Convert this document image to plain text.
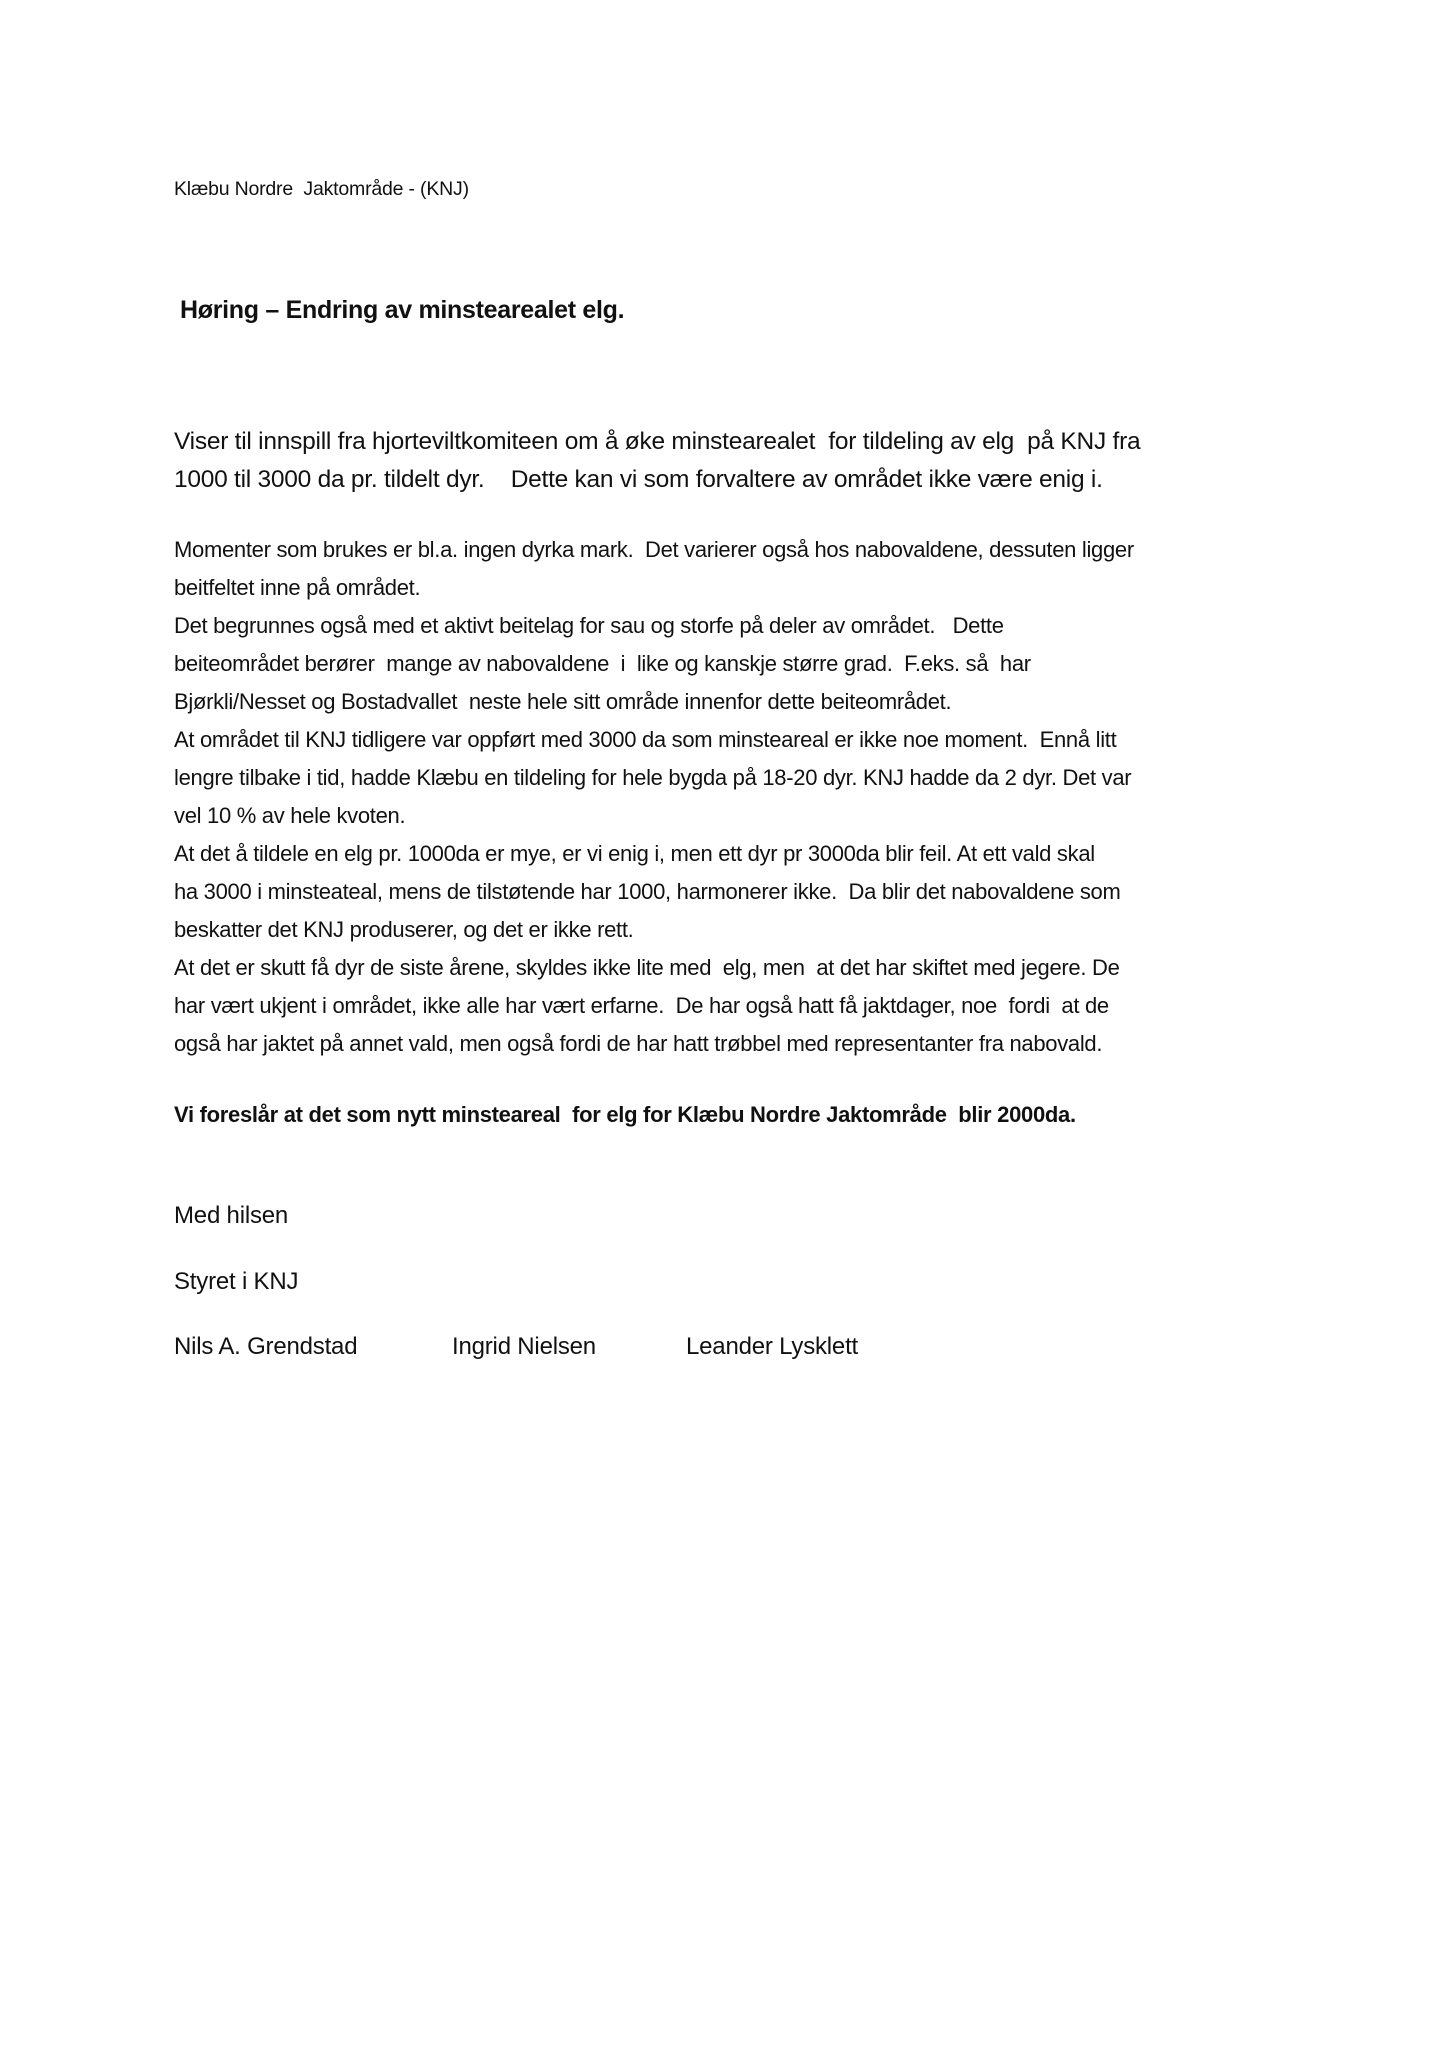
Klæbu Nordre  Jaktområde - (KNJ)
Høring – Endring av minstearealet elg.
Viser til innspill fra hjorteviltkomiteen om å øke minstearealet  for tildeling av elg  på KNJ fra
1000 til 3000 da pr. tildelt dyr.    Dette kan vi som forvaltere av området ikke være enig i.
Momenter som brukes er bl.a. ingen dyrka mark.  Det varierer også hos nabovaldene, dessuten ligger
beitfeltet inne på området.
Det begrunnes også med et aktivt beitelag for sau og storfe på deler av området.   Dette
beiteområdet berører  mange av nabovaldene  i  like og kanskje større grad.  F.eks. så  har
Bjørkli/Nesset og Bostadvallet  neste hele sitt område innenfor dette beiteområdet.
At området til KNJ tidligere var oppført med 3000 da som minsteareal er ikke noe moment.  Ennå litt
lengre tilbake i tid, hadde Klæbu en tildeling for hele bygda på 18-20 dyr. KNJ hadde da 2 dyr. Det var
vel 10 % av hele kvoten.
At det å tildele en elg pr. 1000da er mye, er vi enig i, men ett dyr pr 3000da blir feil. At ett vald skal
ha 3000 i minsteateal, mens de tilstøtende har 1000, harmonerer ikke.  Da blir det nabovaldene som
beskatter det KNJ produserer, og det er ikke rett.
At det er skutt få dyr de siste årene, skyldes ikke lite med  elg, men  at det har skiftet med jegere. De
har vært ukjent i området, ikke alle har vært erfarne.  De har også hatt få jaktdager, noe  fordi  at de
også har jaktet på annet vald, men også fordi de har hatt trøbbel med representanter fra nabovald.
Vi foreslår at det som nytt minsteareal  for elg for Klæbu Nordre Jaktområde  blir 2000da.
Med hilsen
Styret i KNJ
Nils A. Grendstad	Ingrid Nielsen	Leander Lysklett
